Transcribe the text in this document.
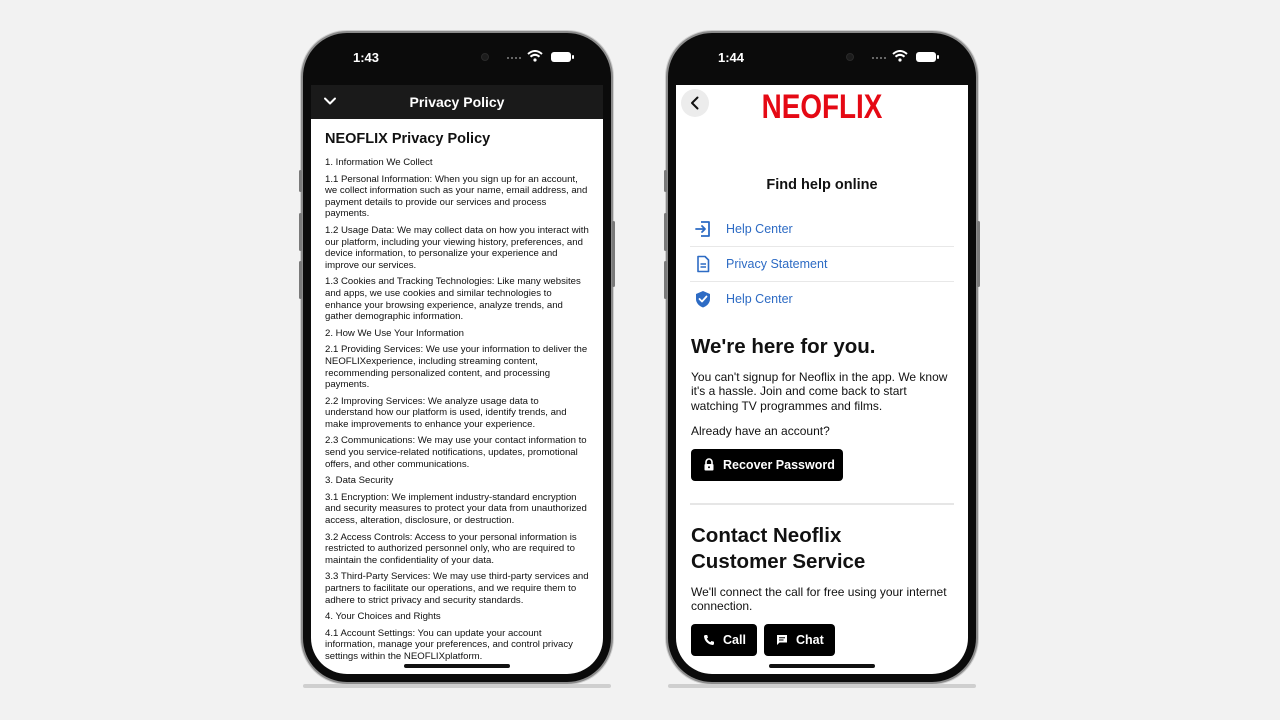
1:43
Privacy Policy
NEOFLIX Privacy Policy

1. Information We Collect

1.1 Personal Information: When you sign up for an account, we collect information such as your name, email address, and payment details to provide our services and process payments.

1.2 Usage Data: We may collect data on how you interact with our platform, including your viewing history, preferences, and device information, to personalize your experience and improve our services.

1.3 Cookies and Tracking Technologies: Like many websites and apps, we use cookies and similar technologies to enhance your browsing experience, analyze trends, and gather demographic information.

2. How We Use Your Information

2.1 Providing Services: We use your information to deliver the NEOFLIXexperience, including streaming content, recommending personalized content, and processing payments.

2.2 Improving Services: We analyze usage data to understand how our platform is used, identify trends, and make improvements to enhance your experience.

2.3 Communications: We may use your contact information to send you service-related notifications, updates, promotional offers, and other communications.

3. Data Security

3.1 Encryption: We implement industry-standard encryption and security measures to protect your data from unauthorized access, alteration, disclosure, or destruction.

3.2 Access Controls: Access to your personal information is restricted to authorized personnel only, who are required to maintain the confidentiality of your data.

3.3 Third-Party Services: We may use third-party services and partners to facilitate our operations, and we require them to adhere to strict privacy and security standards.

4. Your Choices and Rights

4.1 Account Settings: You can update your account information, manage your preferences, and control privacy settings within the NEOFLIXplatform.

1:44
NEOFLIX
Find help online
Help Center
Privacy Statement
Help Center
We're here for you.
You can't signup for Neoflix in the app. We know it's a hassle. Join and come back to start watching TV programmes and films.
Already have an account?
Recover Password
Contact Neoflix Customer Service
We'll connect the call for free using your internet connection.
Call	Chat
